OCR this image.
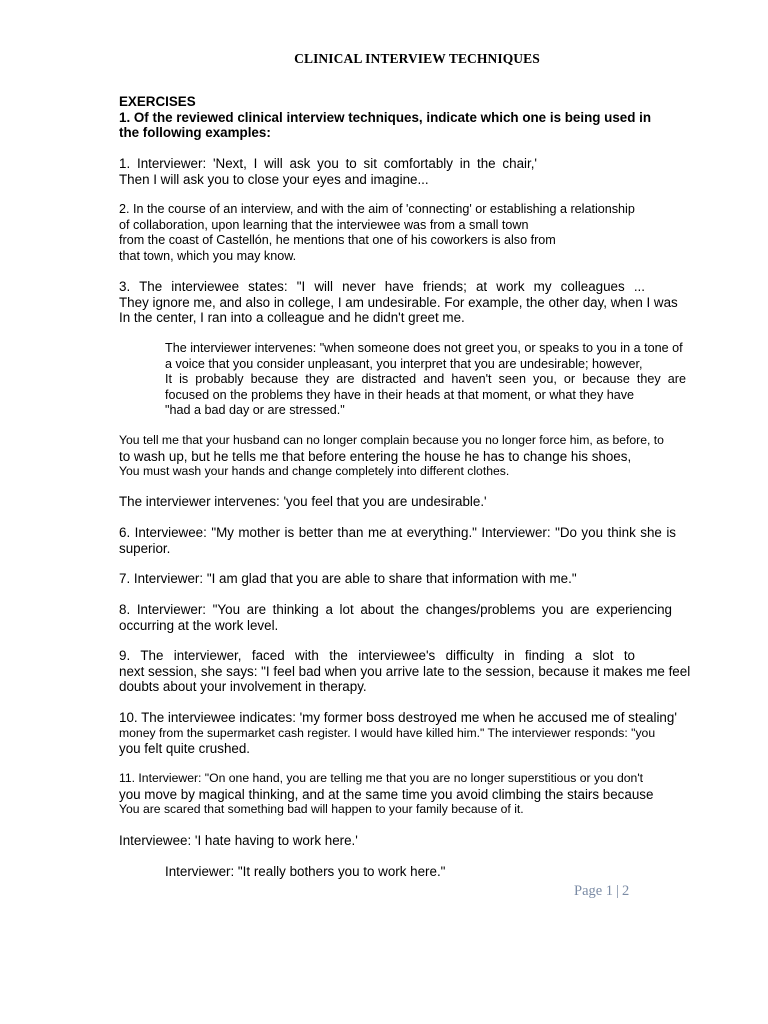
CLINICAL INTERVIEW TECHNIQUES
EXERCISES
1. Of the reviewed clinical interview techniques, indicate which one is being used in
the following examples:
1. Interviewer: 'Next, I will ask you to sit comfortably in the chair,'
Then I will ask you to close your eyes and imagine...
2. In the course of an interview, and with the aim of 'connecting' or establishing a relationship
of collaboration, upon learning that the interviewee was from a small town
from the coast of Castellón, he mentions that one of his coworkers is also from
that town, which you may know.
3. The interviewee states: "I will never have friends; at work my colleagues ...
They ignore me, and also in college, I am undesirable. For example, the other day, when I was
In the center, I ran into a colleague and he didn't greet me.
The interviewer intervenes: "when someone does not greet you, or speaks to you in a tone of
a voice that you consider unpleasant, you interpret that you are undesirable; however,
It is probably because they are distracted and haven't seen you, or because they are
focused on the problems they have in their heads at that moment, or what they have
"had a bad day or are stressed."
You tell me that your husband can no longer complain because you no longer force him, as before, to
to wash up, but he tells me that before entering the house he has to change his shoes,
You must wash your hands and change completely into different clothes.
The interviewer intervenes: 'you feel that you are undesirable.'
6. Interviewee: "My mother is better than me at everything." Interviewer: "Do you think she is
superior.
7. Interviewer: "I am glad that you are able to share that information with me."
8. Interviewer: "You are thinking a lot about the changes/problems you are experiencing
occurring at the work level.
9. The interviewer, faced with the interviewee's difficulty in finding a slot to
next session, she says: "I feel bad when you arrive late to the session, because it makes me feel
doubts about your involvement in therapy.
10. The interviewee indicates: 'my former boss destroyed me when he accused me of stealing'
money from the supermarket cash register. I would have killed him." The interviewer responds: "you
you felt quite crushed.
11. Interviewer: "On one hand, you are telling me that you are no longer superstitious or you don't
you move by magical thinking, and at the same time you avoid climbing the stairs because
You are scared that something bad will happen to your family because of it.
Interviewee: 'I hate having to work here.'
Interviewer: "It really bothers you to work here."
Page 1 | 2
